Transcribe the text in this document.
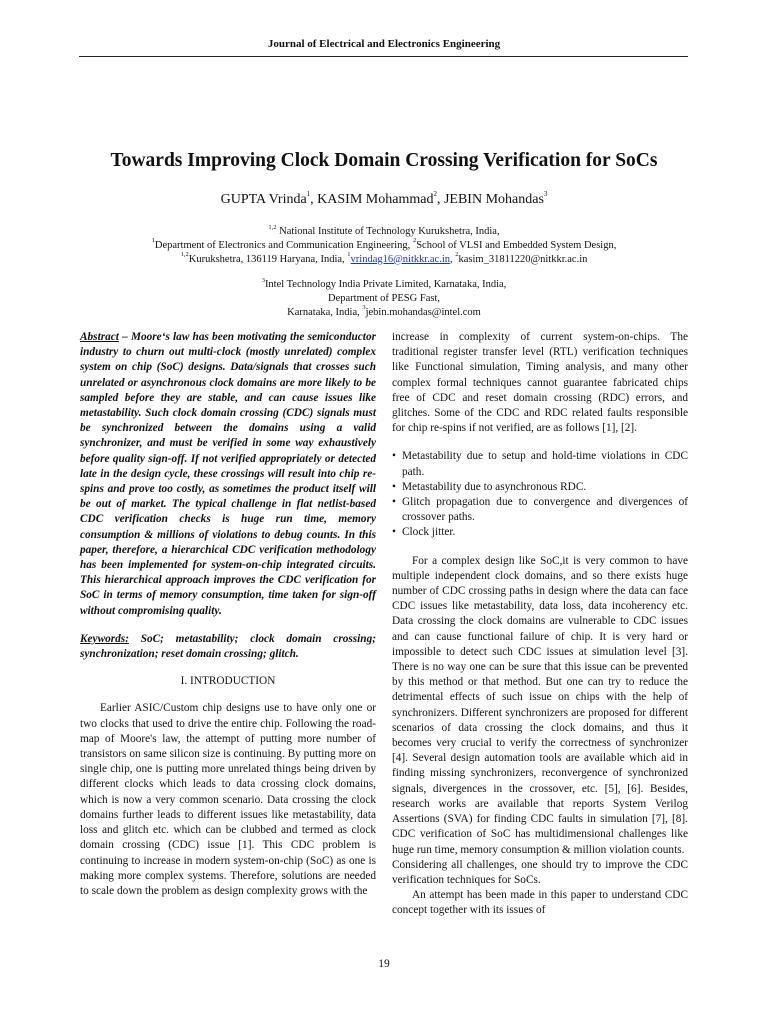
Journal of Electrical and Electronics Engineering
Towards Improving Clock Domain Crossing Verification for SoCs
GUPTA Vrinda$^1$, KASIM Mohammad$^2$, JEBIN Mohandas$^3$
$^{1,2}$ National Institute of Technology Kurukshetra, India,
$^1$Department of Electronics and Communication Engineering, $^2$School of VLSI and Embedded System Design,
$^{1,2}$Kurukshetra, 136119 Haryana, India, $^1$vrindag16@nitkkr.ac.in, $^2$kasim_31811220@nitkkr.ac.in
$^3$Intel Technology India Private Limited, Karnataka, India,
Department of PESG Fast,
Karnataka, India, $^3$jebin.mohandas@intel.com

Abstract – Moore‘s law has been motivating the semiconductor industry to churn out multi-clock (mostly unrelated) complex system on chip (SoC) designs. Data/signals that crosses such unrelated or asynchronous clock domains are more likely to be sampled before they are stable, and can cause issues like metastability. Such clock domain crossing (CDC) signals must be synchronized between the domains using a valid synchronizer, and must be verified in some way exhaustively before quality sign-off. If not verified appropriately or detected late in the design cycle, these crossings will result into chip re-spins and prove too costly, as sometimes the product itself will be out of market. The typical challenge in flat netlist-based CDC verification checks is huge run time, memory consumption & millions of violations to debug counts. In this paper, therefore, a hierarchical CDC verification methodology has been implemented for system-on-chip integrated circuits. This hierarchical approach improves the CDC verification for SoC in terms of memory consumption, time taken for sign-off without compromising quality.

Keywords: SoC; metastability; clock domain crossing; synchronization; reset domain crossing; glitch.

I. INTRODUCTION

Earlier ASIC/Custom chip designs use to have only one or two clocks that used to drive the entire chip. Following the road-map of Moore's law, the attempt of putting more number of transistors on same silicon size is continuing. By putting more on single chip, one is putting more unrelated things being driven by different clocks which leads to data crossing clock domains, which is now a very common scenario. Data crossing the clock domains further leads to different issues like metastability, data loss and glitch etc. which can be clubbed and termed as clock domain crossing (CDC) issue [1]. This CDC problem is continuing to increase in modern system-on-chip (SoC) as one is making more complex systems. Therefore, solutions are needed to scale down the problem as design complexity grows with the

increase in complexity of current system-on-chips. The traditional register transfer level (RTL) verification techniques like Functional simulation, Timing analysis, and many other complex formal techniques cannot guarantee fabricated chips free of CDC and reset domain crossing (RDC) errors, and glitches. Some of the CDC and RDC related faults responsible for chip re-spins if not verified, are as follows [1], [2].

• Metastability due to setup and hold-time violations in CDC path.
• Metastability due to asynchronous RDC.
• Glitch propagation due to convergence and divergences of crossover paths.
• Clock jitter.

For a complex design like SoC,it is very common to have multiple independent clock domains, and so there exists huge number of CDC crossing paths in design where the data can face CDC issues like metastability, data loss, data incoherency etc. Data crossing the clock domains are vulnerable to CDC issues and can cause functional failure of chip. It is very hard or impossible to detect such CDC issues at simulation level [3]. There is no way one can be sure that this issue can be prevented by this method or that method. But one can try to reduce the detrimental effects of such issue on chips with the help of synchronizers. Different synchronizers are proposed for different scenarios of data crossing the clock domains, and thus it becomes very crucial to verify the correctness of synchronizer [4]. Several design automation tools are available which aid in finding missing synchronizers, reconvergence of synchronized signals, divergences in the crossover, etc. [5], [6]. Besides, research works are available that reports System Verilog Assertions (SVA) for finding CDC faults in simulation [7], [8]. CDC verification of SoC has multidimensional challenges like huge run time, memory consumption & million violation counts.

Considering all challenges, one should try to improve the CDC verification techniques for SoCs.

An attempt has been made in this paper to understand CDC concept together with its issues of

19
